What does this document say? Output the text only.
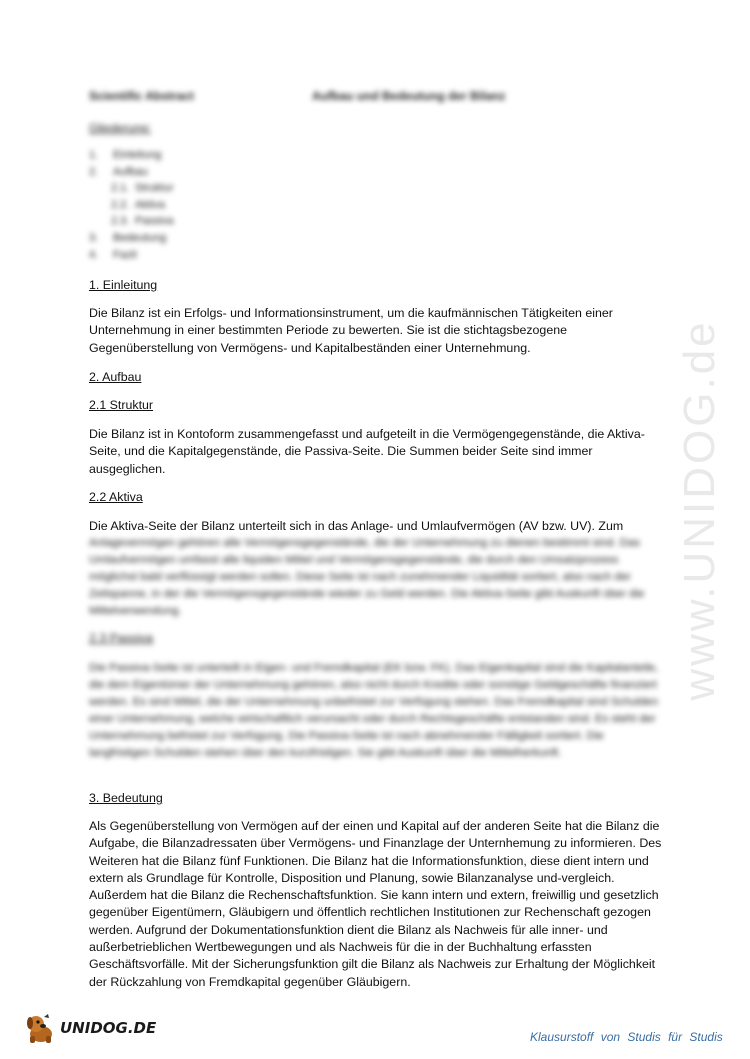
www.UNIDOG.de
Scientific Abstract	Aufbau und Bedeutung der Bilanz
Gliederung:
1. Einleitung
2. Aufbau
2.1. Struktur
2.2. Aktiva
2.3. Passiva
3. Bedeutung
4. Fazit
1. Einleitung

Die Bilanz ist ein Erfolgs- und Informationsinstrument, um die kaufmännischen Tätigkeiten einer Unternehmung in einer bestimmten Periode zu bewerten. Sie ist die stichtagsbezogene Gegenüberstellung von Vermögens- und Kapitalbeständen einer Unternehmung.

2. Aufbau
2.1 Struktur

Die Bilanz ist in Kontoform zusammengefasst und aufgeteilt in die Vermögengegenstände, die Aktiva-Seite, und die Kapitalgegenstände, die Passiva-Seite. Die Summen beider Seite sind immer ausgeglichen.

2.2 Aktiva

Die Aktiva-Seite der Bilanz unterteilt sich in das Anlage- und Umlaufvermögen (AV bzw. UV). Zum

Anlagevermögen gehören alle Vermögensgegenstände, die der Unternehmung zu dienen bestimmt sind. Das Umlaufvermögen umfasst alle liquiden Mittel und Vermögensgegenstände, die durch den Umsatzprozess möglichst bald verflüssigt werden sollen. Diese Seite ist nach zunehmender Liquidität sortiert, also nach der Zeitspanne, in der die Vermögensgegenstände wieder zu Geld werden. Die Aktiva-Seite gibt Auskunft über die Mittelverwendung.

2.3 Passiva

Die Passiva-Seite ist unterteilt in Eigen- und Fremdkapital (EK bzw. FK). Das Eigenkapital sind die Kapitalanteile, die dem Eigentümer der Unternehmung gehören, also nicht durch Kredite oder sonstige Geldgeschäfte finanziert werden. Es sind Mittel, die der Unternehmung unbefristet zur Verfügung stehen. Das Fremdkapital sind Schulden einer Unternehmung, welche wirtschaftlich verursacht oder durch Rechtsgeschäfte entstanden sind. Es steht der Unternehmung befristet zur Verfügung. Die Passiva-Seite ist nach abnehmender Fälligkeit sortiert. Die langfristigen Schulden stehen über den kurzfristigen. Sie gibt Auskunft über die Mittelherkunft.

3. Bedeutung

Als Gegenüberstellung von Vermögen auf der einen und Kapital auf der anderen Seite hat die Bilanz die Aufgabe, die Bilanzadressaten über Vermögens- und Finanzlage der Unternhemung zu informieren. Des Weiteren hat die Bilanz fünf Funktionen. Die Bilanz hat die Informationsfunktion, diese dient intern und extern als Grundlage für Kontrolle, Disposition und Planung, sowie Bilanzanalyse und-vergleich. Außerdem hat die Bilanz die Rechenschaftsfunktion. Sie kann intern und extern, freiwillig und gesetzlich gegenüber Eigentümern, Gläubigern und öffentlich rechtlichen Institutionen zur Rechenschaft gezogen werden. Aufgrund der Dokumentationsfunktion dient die Bilanz als Nachweis für alle inner- und außerbetrieblichen Wertbewegungen und als Nachweis für die in der Buchhaltung erfassten Geschäftsvorfälle. Mit der Sicherungsfunktion gilt die Bilanz als Nachweis zur Erhaltung der Möglichkeit der Rückzahlung von Fremdkapital gegenüber Gläubigern.

UNIDOG.DE	Klausurstoff von Studis für Studis
